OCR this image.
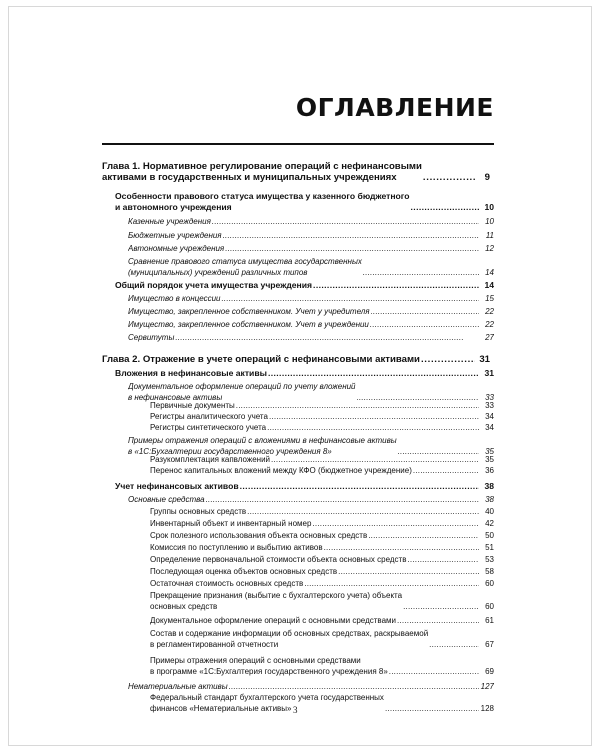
ОГЛАВЛЕНИЕ
Глава 1. Нормативное регулирование операций с нефинансовыми
активами в государственных и муниципальных учреждениях . . .	9
Особенности правового статуса имущества у казенного бюджетного
и автономного учреждения . . .	10
Казенные учреждения . . .	10
Бюджетные учреждения . . .	11
Автономные учреждения . . .	12
Сравнение правового статуса имущества государственных
(муниципальных) учреждений различных типов . . .	14
Общий порядок учета имущества учреждения . . .	14
Имущество в концессии . . .	15
Имущество, закрепленное собственником. Учет у учредителя . . .	22
Имущество, закрепленное собственником. Учет в учреждении . . .	22
Сервитуты . . .	27
Глава 2. Отражение в учете операций с нефинансовыми активами . . .	31
Вложения в нефинансовые активы . . .	31
Документальное оформление операций по учету вложений
в нефинансовые активы . . .	33
Первичные документы . . .	33
Регистры аналитического учета . . .	34
Регистры синтетического учета . . .	34
Примеры отражения операций с вложениями в нефинансовые активы
в «1С:Бухгалтерии государственного учреждения 8» . . .	35
Разукомплектация капвложений . . .	35
Перенос капитальных вложений между КФО (бюджетное учреждение) . . .	36
Учет нефинансовых активов . . .	38
Основные средства . . .	38
Группы основных средств . . .	40
Инвентарный объект и инвентарный номер . . .	42
Срок полезного использования объекта основных средств . . .	50
Комиссия по поступлению и выбытию активов . . .	51
Определение первоначальной стоимости объекта основных средств . . .	53
Последующая оценка объектов основных средств . . .	58
Остаточная стоимость основных средств . . .	60
Прекращение признания (выбытие с бухгалтерского учета) объекта
основных средств . . .	60
Документальное оформление операций с основными средствами . . .	61
Состав и содержание информации об основных средствах, раскрываемой
в регламентированной отчетности . . .	67
Примеры отражения операций с основными средствами
в программе «1С:Бухгалтерия государственного учреждения 8» . . .	69
Нематериальные активы . . .	127
Федеральный стандарт бухгалтерского учета государственных
финансов «Нематериальные активы» . . .	128
3
